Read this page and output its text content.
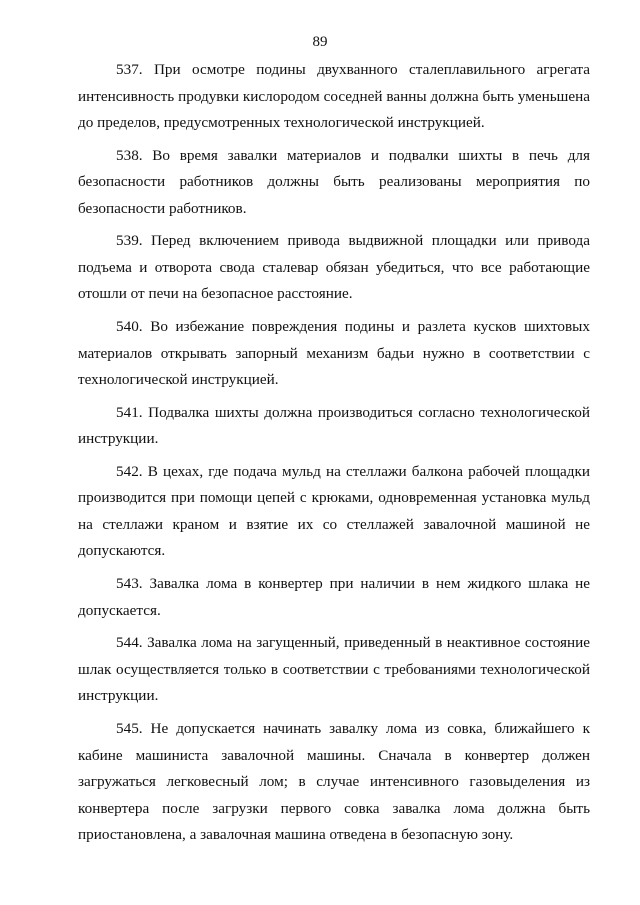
89

537. При осмотре подины двухванного сталеплавильного агрегата интенсивность продувки кислородом соседней ванны должна быть уменьшена до пределов, предусмотренных технологической инструкцией.

538. Во время завалки материалов и подвалки шихты в печь для безопасности работников должны быть реализованы мероприятия по безопасности работников.

539. Перед включением привода выдвижной площадки или привода подъема и отворота свода сталевар обязан убедиться, что все работающие отошли от печи на безопасное расстояние.

540. Во избежание повреждения подины и разлета кусков шихтовых материалов открывать запорный механизм бадьи нужно в соответствии с технологической инструкцией.

541. Подвалка шихты должна производиться согласно технологической инструкции.

542. В цехах, где подача мульд на стеллажи балкона рабочей площадки производится при помощи цепей с крюками, одновременная установка мульд на стеллажи краном и взятие их со стеллажей завалочной машиной не допускаются.

543. Завалка лома в конвертер при наличии в нем жидкого шлака не допускается.

544. Завалка лома на загущенный, приведенный в неактивное состояние шлак осуществляется только в соответствии с требованиями технологической инструкции.

545. Не допускается начинать завалку лома из совка, ближайшего к кабине машиниста завалочной машины. Сначала в конвертер должен загружаться легковесный лом; в случае интенсивного газовыделения из конвертера после загрузки первого совка завалка лома должна быть приостановлена, а завалочная машина отведена в безопасную зону.
